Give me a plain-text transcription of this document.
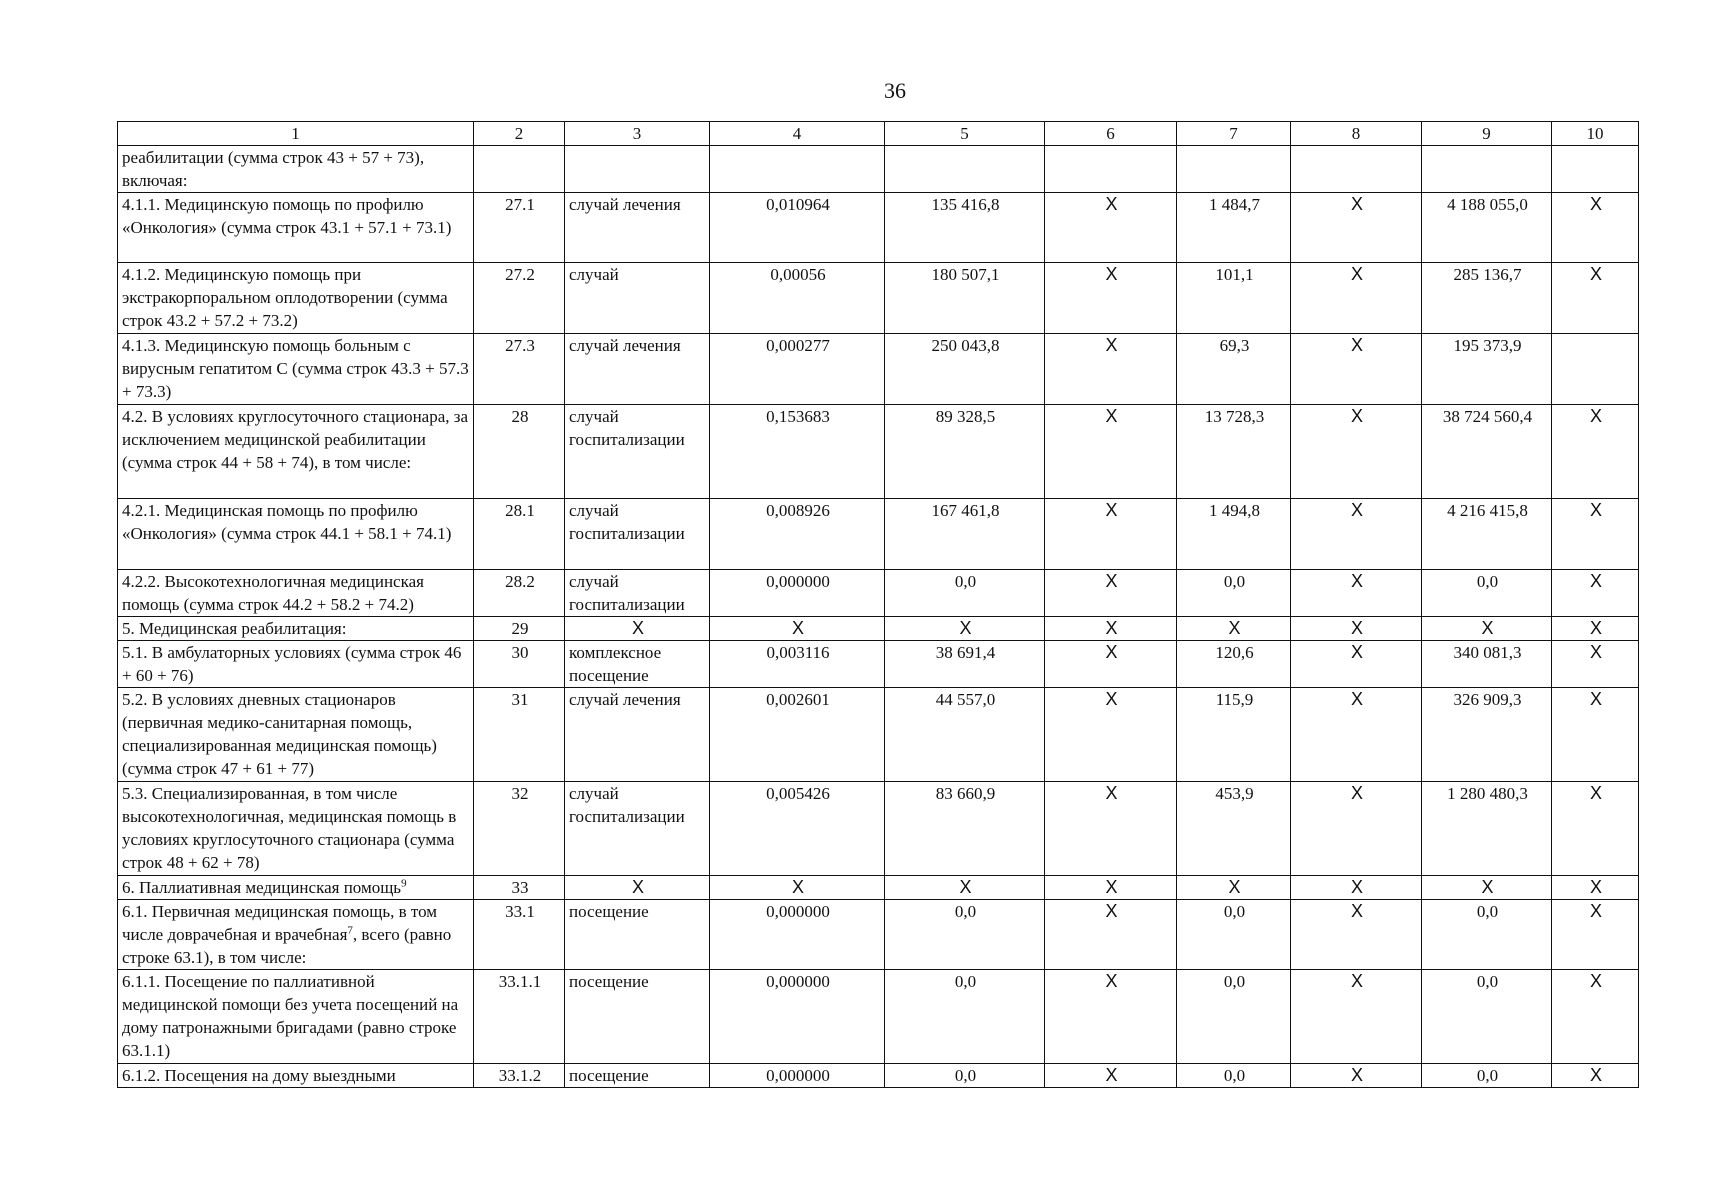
36
1	2	3	4	5	6	7	8	9	10
реабилитации (сумма строк 43 + 57 + 73), включая:									
4.1.1. Медицинскую помощь по профилю «Онкология» (сумма строк 43.1 + 57.1 + 73.1)	27.1	случай лечения	0,010964	135 416,8	Х	1 484,7	Х	4 188 055,0	Х
4.1.2. Медицинскую помощь при экстракорпоральном оплодотворении (сумма строк 43.2 + 57.2 + 73.2)	27.2	случай	0,00056	180 507,1	Х	101,1	Х	285 136,7	Х
4.1.3. Медицинскую помощь больным с вирусным гепатитом С (сумма строк 43.3 + 57.3 + 73.3)	27.3	случай лечения	0,000277	250 043,8	Х	69,3	Х	195 373,9	
4.2. В условиях круглосуточного стационара, за исключением медицинской реабилитации (сумма строк 44 + 58 + 74), в том числе:	28	случай госпитализации	0,153683	89 328,5	Х	13 728,3	Х	38 724 560,4	Х
4.2.1. Медицинская помощь по профилю «Онкология» (сумма строк 44.1 + 58.1 + 74.1)	28.1	случай госпитализации	0,008926	167 461,8	Х	1 494,8	Х	4 216 415,8	Х
4.2.2. Высокотехнологичная медицинская помощь (сумма строк 44.2 + 58.2 + 74.2)	28.2	случай госпитализации	0,000000	0,0	Х	0,0	Х	0,0	Х
5. Медицинская реабилитация:	29	Х	Х	Х	Х	Х	Х	Х	Х
5.1. В амбулаторных условиях (сумма строк 46 + 60 + 76)	30	комплексное посещение	0,003116	38 691,4	Х	120,6	Х	340 081,3	Х
5.2. В условиях дневных стационаров (первичная медико-санитарная помощь, специализированная медицинская помощь) (сумма строк 47 + 61 + 77)	31	случай лечения	0,002601	44 557,0	Х	115,9	Х	326 909,3	Х
5.3. Специализированная, в том числе высокотехнологичная, медицинская помощь в условиях круглосуточного стационара (сумма строк 48 + 62 + 78)	32	случай госпитализации	0,005426	83 660,9	Х	453,9	Х	1 280 480,3	Х
6. Паллиативная медицинская помощь$^9$	33	Х	Х	Х	Х	Х	Х	Х	Х
6.1. Первичная медицинская помощь, в том числе доврачебная и врачебная$^7$, всего (равно строке 63.1), в том числе:	33.1	посещение	0,000000	0,0	Х	0,0	Х	0,0	Х
6.1.1. Посещение по паллиативной медицинской помощи без учета посещений на дому патронажными бригадами (равно строке 63.1.1)	33.1.1	посещение	0,000000	0,0	Х	0,0	Х	0,0	Х
6.1.2. Посещения на дому выездными	33.1.2	посещение	0,000000	0,0	Х	0,0	Х	0,0	Х
